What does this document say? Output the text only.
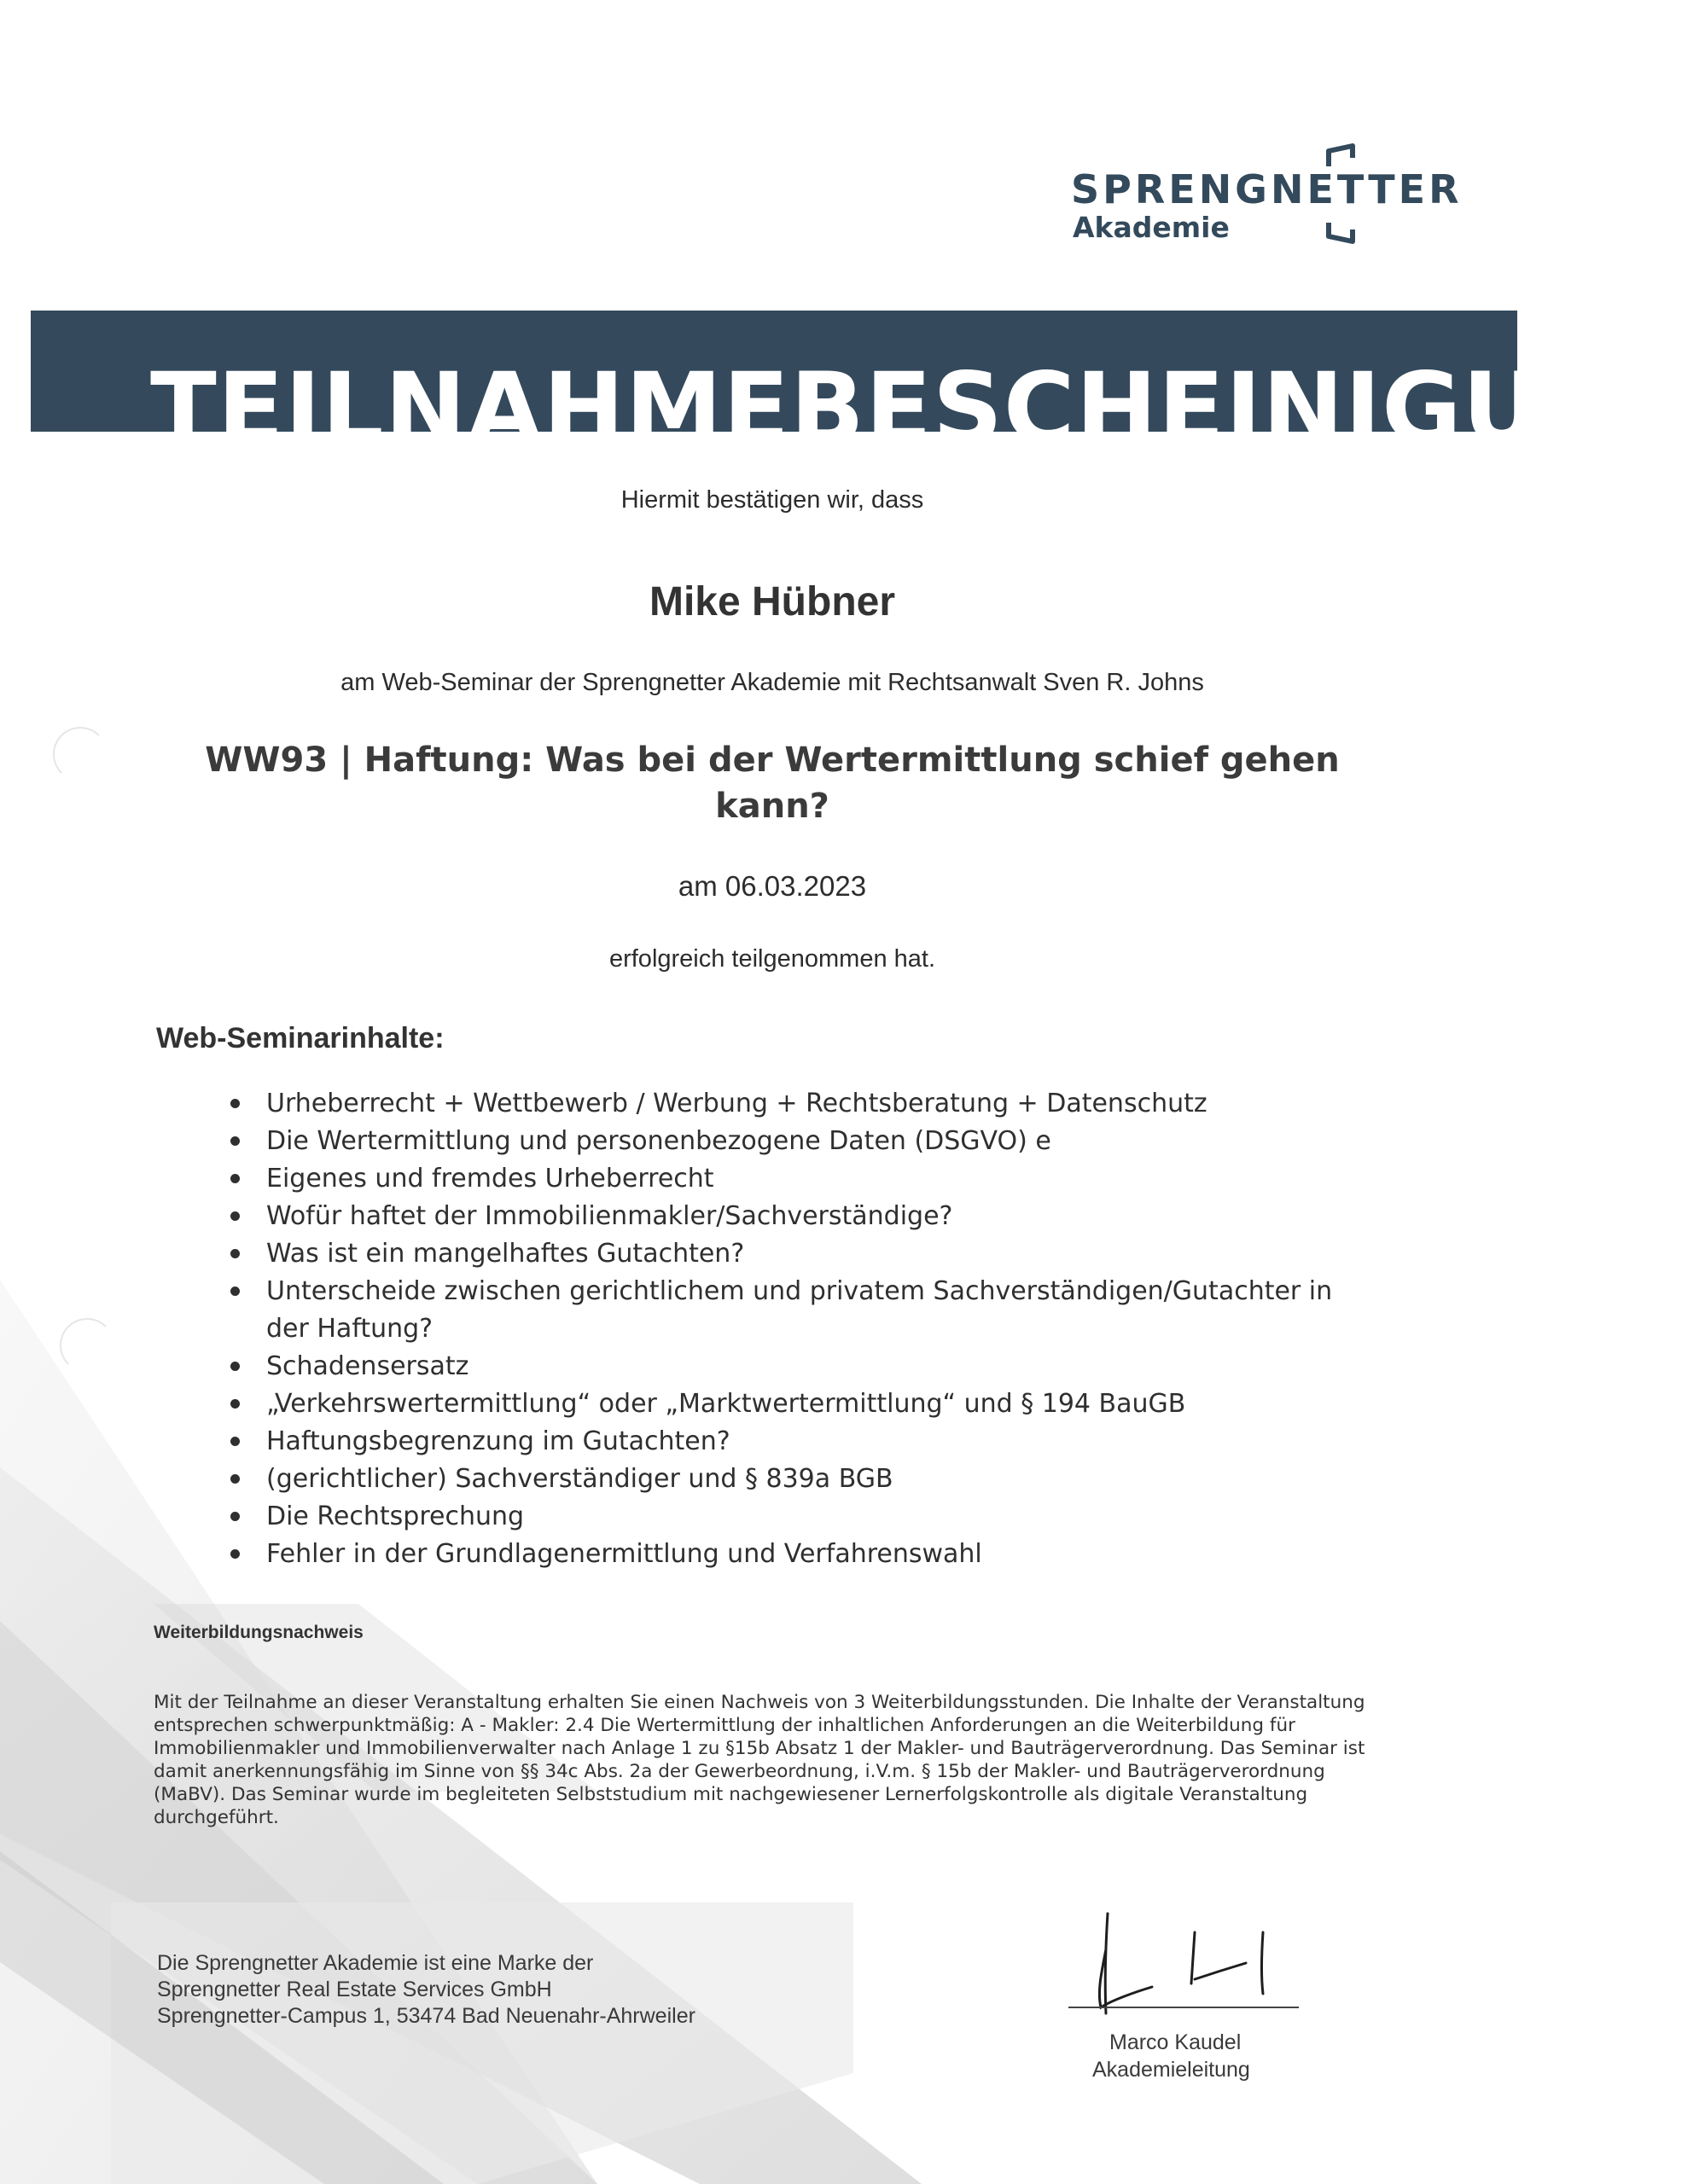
SPRENGNETTER
Akademie
TEILNAHMEBESCHEINIGUNG
Hiermit bestätigen wir, dass
Mike Hübner
am Web-Seminar der Sprengnetter Akademie mit Rechtsanwalt Sven R. Johns
WW93 | Haftung: Was bei der Wertermittlung schief gehen kann?
am 06.03.2023
erfolgreich teilgenommen hat.
Web-Seminarinhalte:
Urheberrecht + Wettbewerb / Werbung + Rechtsberatung + Datenschutz
Die Wertermittlung und personenbezogene Daten (DSGVO) e
Eigenes und fremdes Urheberrecht
Wofür haftet der Immobilienmakler/Sachverständige?
Was ist ein mangelhaftes Gutachten?
Unterscheide zwischen gerichtlichem und privatem Sachverständigen/Gutachter in der Haftung?
Schadensersatz
„Verkehrswertermittlung“ oder „Marktwertermittlung“ und § 194 BauGB
Haftungsbegrenzung im Gutachten?
(gerichtlicher) Sachverständiger und § 839a BGB
Die Rechtsprechung
Fehler in der Grundlagenermittlung und Verfahrenswahl
Weiterbildungsnachweis
Mit der Teilnahme an dieser Veranstaltung erhalten Sie einen Nachweis von 3 Weiterbildungsstunden. Die Inhalte der Veranstaltung entsprechen schwerpunktmäßig: A - Makler: 2.4 Die Wertermittlung der inhaltlichen Anforderungen an die Weiterbildung für Immobilienmakler und Immobilienverwalter nach Anlage 1 zu §15b Absatz 1 der Makler- und Bauträgerverordnung. Das Seminar ist damit anerkennungsfähig im Sinne von §§ 34c Abs. 2a der Gewerbeordnung, i.V.m. § 15b der Makler- und Bauträgerverordnung (MaBV). Das Seminar wurde im begleiteten Selbststudium mit nachgewiesener Lernerfolgskontrolle als digitale Veranstaltung durchgeführt.
Die Sprengnetter Akademie ist eine Marke der
Sprengnetter Real Estate Services GmbH
Sprengnetter-Campus 1, 53474 Bad Neuenahr-Ahrweiler
Marco Kaudel
Akademieleitung
